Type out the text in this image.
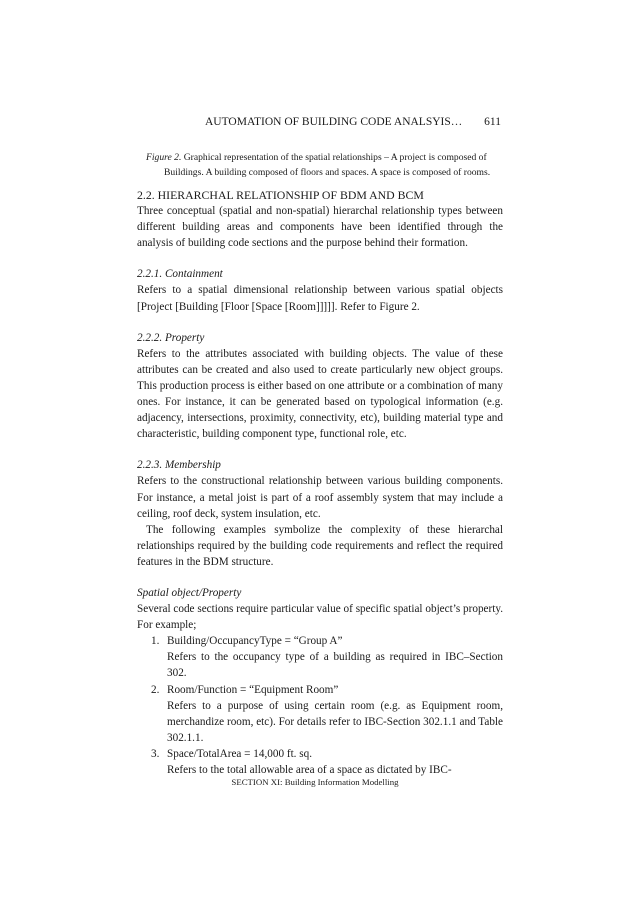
AUTOMATION OF BUILDING CODE ANALSYIS… 611
Figure 2. Graphical representation of the spatial relationships – A project is composed of
Buildings. A building composed of floors and spaces. A space is composed of rooms.

2.2. HIERARCHAL RELATIONSHIP OF BDM AND BCM

Three conceptual (spatial and non-spatial) hierarchal relationship types between different building areas and components have been identified through the analysis of building code sections and the purpose behind their formation.

2.2.1. Containment

Refers to a spatial dimensional relationship between various spatial objects [Project [Building [Floor [Space [Room]]]]]. Refer to Figure 2.

2.2.2. Property

Refers to the attributes associated with building objects. The value of these attributes can be created and also used to create particularly new object groups. This production process is either based on one attribute or a combination of many ones. For instance, it can be generated based on typological information (e.g. adjacency, intersections, proximity, connectivity, etc), building material type and characteristic, building component type, functional role, etc.

2.2.3. Membership

Refers to the constructional relationship between various building components. For instance, a metal joist is part of a roof assembly system that may include a ceiling, roof deck, system insulation, etc.

The following examples symbolize the complexity of these hierarchal relationships required by the building code requirements and reflect the required features in the BDM structure.

Spatial object/Property

Several code sections require particular value of specific spatial object’s property. For example;

1. Building/OccupancyType = “Group A”
Refers to the occupancy type of a building as required in IBC–Section 302.
2. Room/Function = “Equipment Room”
Refers to a purpose of using certain room (e.g. as Equipment room, merchandize room, etc). For details refer to IBC-Section 302.1.1 and Table 302.1.1.
3. Space/TotalArea = 14,000 ft. sq.
Refers to the total allowable area of a space as dictated by IBC-
SECTION XI: Building Information Modelling
